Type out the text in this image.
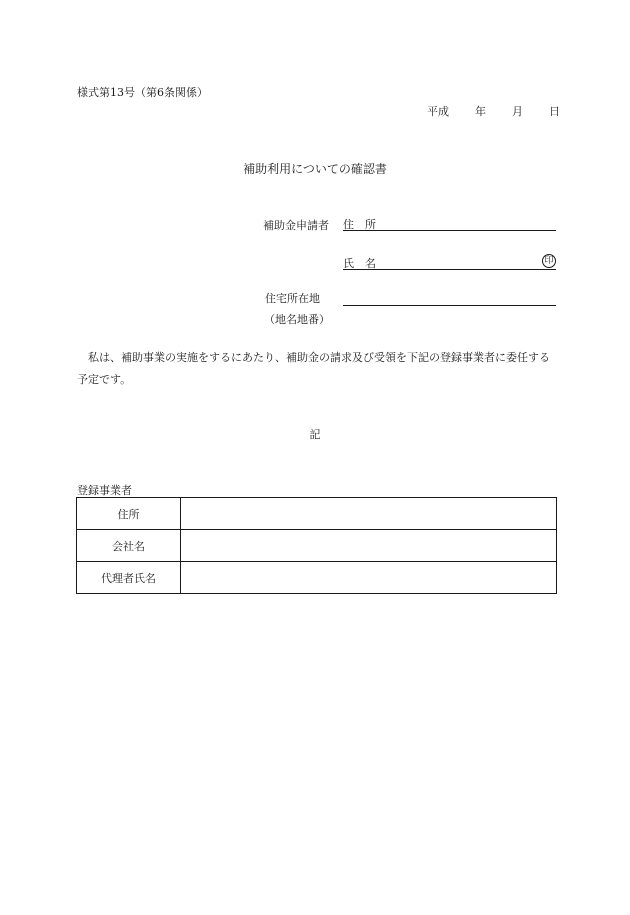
様式第13号（第6条関係）
平成 年 月 日
補助利用についての確認書
補助金申請者 住　所
氏　名	印
住宅所在地
（地名地番）
私は、補助事業の実施をするにあたり、補助金の請求及び受領を下記の登録事業者に委任する予定です。
記
登録事業者
住所	
会社名	
代理者氏名	
